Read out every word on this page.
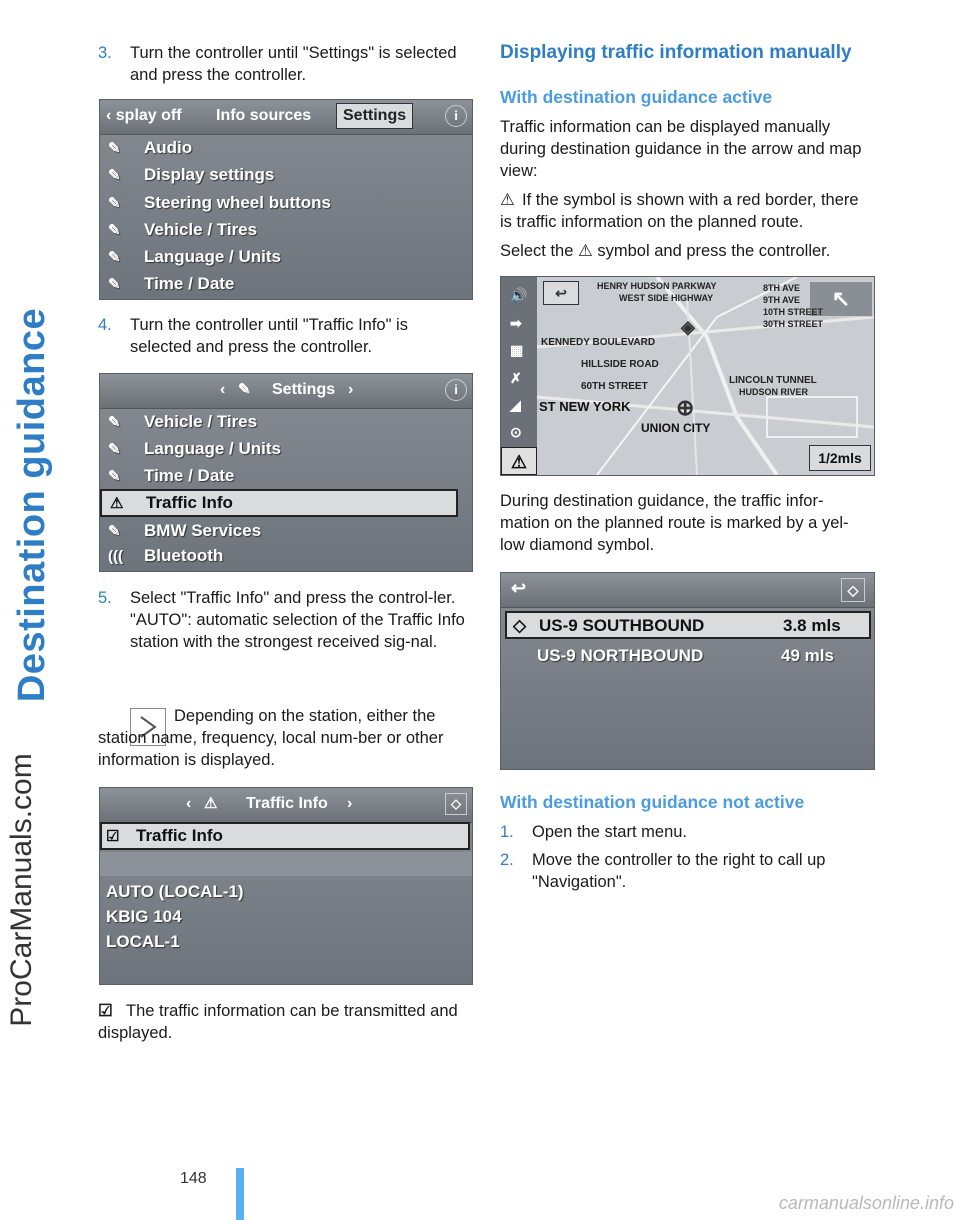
Destination guidance
ProCarManuals.com
3. Turn the controller until "Settings" is selected and press the controller.
‹ splay off Info sources	Settings	i
✎	Audio
✎	Display settings
✎	Steering wheel buttons
✎	Vehicle / Tires
✎	Language / Units
✎	Time / Date
4. Turn the controller until "Traffic Info" is selected and press the controller.
‹ ✎ Settings ›	i
✎	Vehicle / Tires
✎	Language / Units
✎	Time / Date
⚠	Traffic Info
✎	BMW Services
(((	Bluetooth
5. Select "Traffic Info" and press the control-ler.
"AUTO": automatic selection of the Traffic Info station with the strongest received sig-nal.
Depending on the station, either the station name, frequency, local num-ber or other information is displayed.
‹ ⚠ Traffic Info ›	◇
☑ Traffic Info
AUTO (LOCAL-1)
KBIG 104
LOCAL-1
☑ The traffic information can be transmitted and displayed.
Displaying traffic information manually
With destination guidance active
Traffic information can be displayed manually during destination guidance in the arrow and map view:
⚠ If the symbol is shown with a red border, there is traffic information on the planned route.
Select the ⚠ symbol and press the controller.
🔊
➡
▦
✗
◢
⊙
⚠
↩	↖
HENRY HUDSON PARKWAY
WEST SIDE HIGHWAY
8TH AVE
9TH AVE
10TH STREET
30TH STREET
KENNEDY BOULEVARD
HILLSIDE ROAD
LINCOLN TUNNEL
HUDSON RIVER
60TH STREET
ST NEW YORK
UNION CITY
◈
⊕
1/2mls
During destination guidance, the traffic infor-mation on the planned route is marked by a yel-low diamond symbol.
↩	◇
◇ US-9 SOUTHBOUND	3.8 mls
US-9 NORTHBOUND	49 mls
With destination guidance not active
1. Open the start menu.
2. Move the controller to the right to call up "Navigation".
148
carmanualsonline.info
